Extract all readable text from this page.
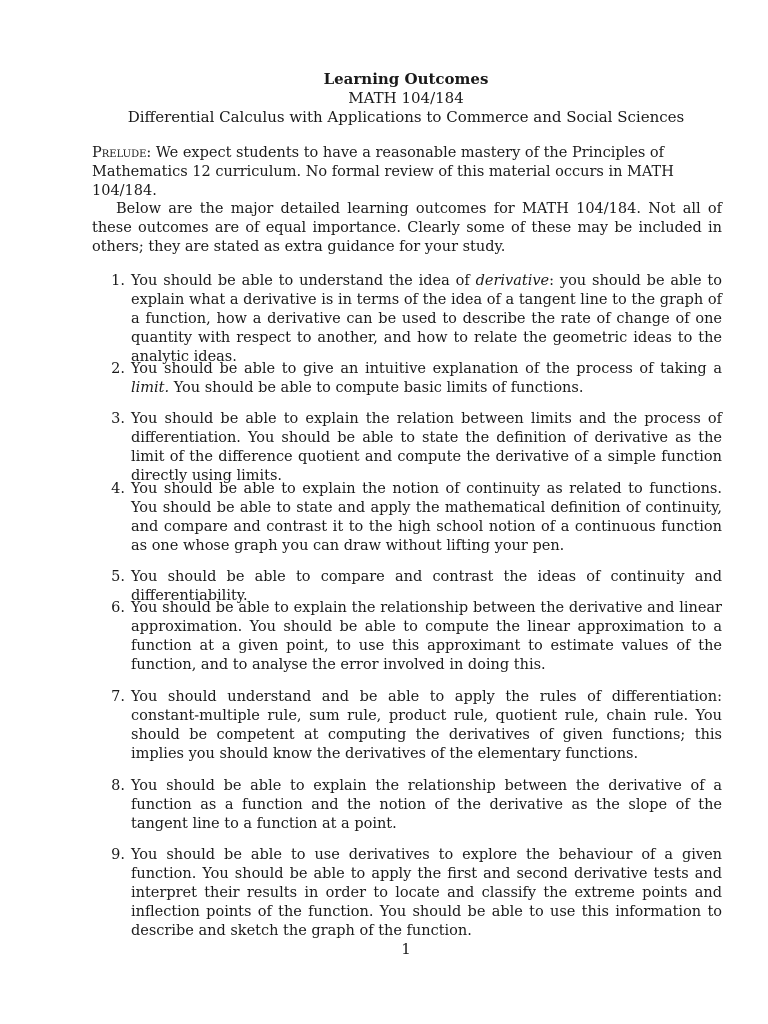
Learning Outcomes
MATH 104/184
Differential Calculus with Applications to Commerce and Social Sciences
Prelude: We expect students to have a reasonable mastery of the Principles of Mathematics 12 curriculum. No formal review of this material occurs in MATH 104/184.
Below are the major detailed learning outcomes for MATH 104/184. Not all of these outcomes are of equal importance. Clearly some of these may be included in others; they are stated as extra guidance for your study.
1. You should be able to understand the idea of derivative: you should be able to explain what a derivative is in terms of the idea of a tangent line to the graph of a function, how a derivative can be used to describe the rate of change of one quantity with respect to another, and how to relate the geometric ideas to the analytic ideas.
2. You should be able to give an intuitive explanation of the process of taking a limit. You should be able to compute basic limits of functions.
3. You should be able to explain the relation between limits and the process of differentiation. You should be able to state the definition of derivative as the limit of the difference quotient and compute the derivative of a simple function directly using limits.
4. You should be able to explain the notion of continuity as related to functions. You should be able to state and apply the mathematical definition of continuity, and compare and contrast it to the high school notion of a continuous function as one whose graph you can draw without lifting your pen.
5. You should be able to compare and contrast the ideas of continuity and differentiability.
6. You should be able to explain the relationship between the derivative and linear approximation. You should be able to compute the linear approximation to a function at a given point, to use this approximant to estimate values of the function, and to analyse the error involved in doing this.
7. You should understand and be able to apply the rules of differentiation: constant-multiple rule, sum rule, product rule, quotient rule, chain rule. You should be competent at computing the derivatives of given functions; this implies you should know the derivatives of the elementary functions.
8. You should be able to explain the relationship between the derivative of a function as a function and the notion of the derivative as the slope of the tangent line to a function at a point.
9. You should be able to use derivatives to explore the behaviour of a given function. You should be able to apply the first and second derivative tests and interpret their results in order to locate and classify the extreme points and inflection points of the function. You should be able to use this information to describe and sketch the graph of the function.
1
